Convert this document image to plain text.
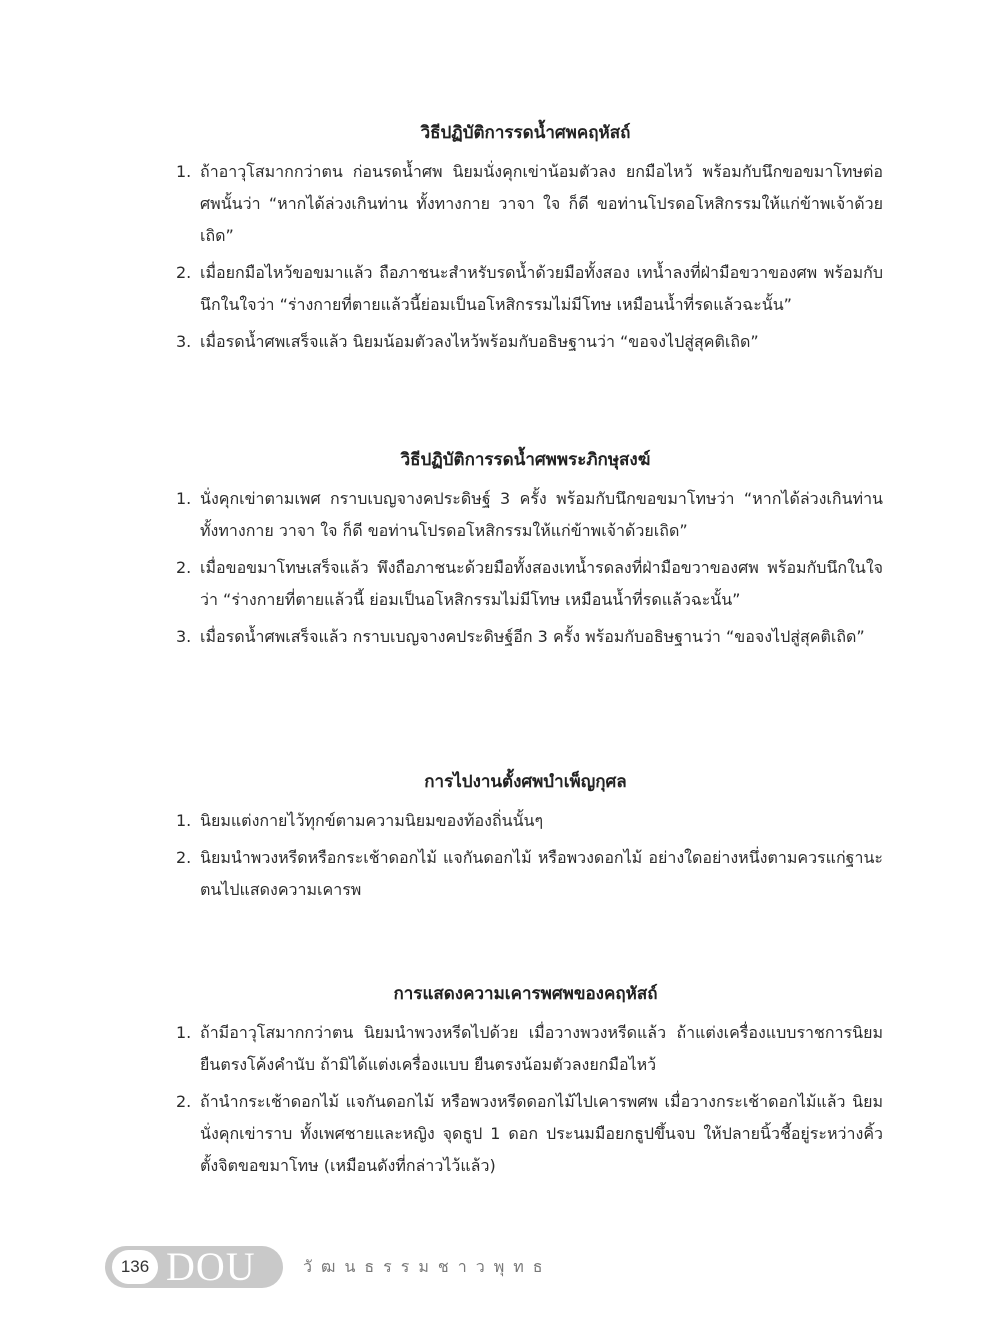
วิธีปฏิบัติการรดน้ำศพคฤหัสถ์
1. ถ้าอาวุโสมากกว่าตน ก่อนรดน้ำศพ นิยมนั่งคุกเข่าน้อมตัวลง ยกมือไหว้ พร้อมกับนึกขอขมาโทษต่อศพนั้นว่า “หากได้ล่วงเกินท่าน ทั้งทางกาย วาจา ใจ ก็ดี ขอท่านโปรดอโหสิกรรมให้แก่ข้าพเจ้าด้วยเถิด”
2. เมื่อยกมือไหว้ขอขมาแล้ว ถือภาชนะสำหรับรดน้ำด้วยมือทั้งสอง เทน้ำลงที่ฝ่ามือขวาของศพ พร้อมกับนึกในใจว่า “ร่างกายที่ตายแล้วนี้ย่อมเป็นอโหสิกรรมไม่มีโทษ เหมือนน้ำที่รดแล้วฉะนั้น”
3. เมื่อรดน้ำศพเสร็จแล้ว นิยมน้อมตัวลงไหว้พร้อมกับอธิษฐานว่า “ขอจงไปสู่สุคติเถิด”
วิธีปฏิบัติการรดน้ำศพพระภิกษุสงฆ์
1. นั่งคุกเข่าตามเพศ กราบเบญจางคประดิษฐ์ 3 ครั้ง พร้อมกับนึกขอขมาโทษว่า “หากได้ล่วงเกินท่าน ทั้งทางกาย วาจา ใจ ก็ดี ขอท่านโปรดอโหสิกรรมให้แก่ข้าพเจ้าด้วยเถิด”
2. เมื่อขอขมาโทษเสร็จแล้ว พึงถือภาชนะด้วยมือทั้งสองเทน้ำรดลงที่ฝ่ามือขวาของศพ พร้อมกับนึกในใจว่า “ร่างกายที่ตายแล้วนี้ ย่อมเป็นอโหสิกรรมไม่มีโทษ เหมือนน้ำที่รดแล้วฉะนั้น”
3. เมื่อรดน้ำศพเสร็จแล้ว กราบเบญจางคประดิษฐ์อีก 3 ครั้ง พร้อมกับอธิษฐานว่า “ขอจงไปสู่สุคติเถิด”
การไปงานตั้งศพบำเพ็ญกุศล
1. นิยมแต่งกายไว้ทุกข์ตามความนิยมของท้องถิ่นนั้นๆ
2. นิยมนำพวงหรีดหรือกระเช้าดอกไม้ แจกันดอกไม้ หรือพวงดอกไม้ อย่างใดอย่างหนึ่งตามควรแก่ฐานะตนไปแสดงความเคารพ
การแสดงความเคารพศพของคฤหัสถ์
1. ถ้ามีอาวุโสมากกว่าตน นิยมนำพวงหรีดไปด้วย เมื่อวางพวงหรีดแล้ว ถ้าแต่งเครื่องแบบราชการนิยมยืนตรงโค้งคำนับ ถ้ามิได้แต่งเครื่องแบบ ยืนตรงน้อมตัวลงยกมือไหว้
2. ถ้านำกระเช้าดอกไม้ แจกันดอกไม้ หรือพวงหรีดดอกไม้ไปเคารพศพ เมื่อวางกระเช้าดอกไม้แล้ว นิยมนั่งคุกเข่าราบ ทั้งเพศชายและหญิง จุดธูป 1 ดอก ประนมมือยกธูปขึ้นจบ ให้ปลายนิ้วชี้อยู่ระหว่างคิ้ว ตั้งจิตขอขมาโทษ (เหมือนดังที่กล่าวไว้แล้ว)
136 DOU	วัฒนธรรมชาวพุทธ
